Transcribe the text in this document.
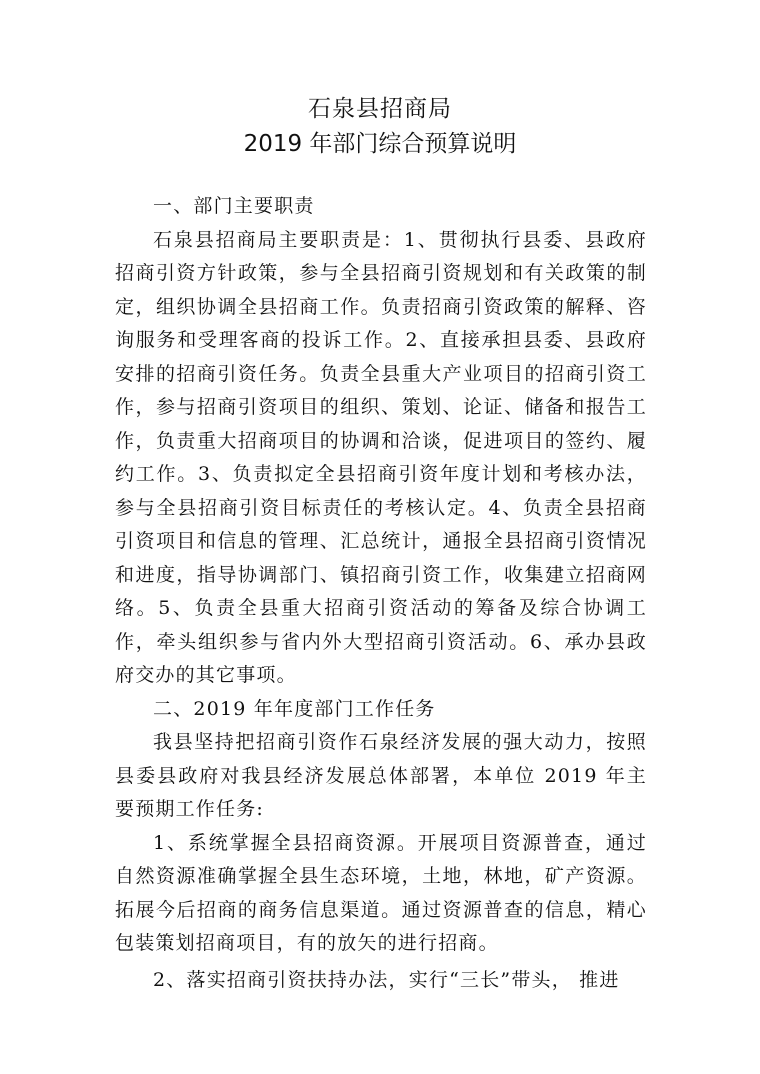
石泉县招商局
2019 年部门综合预算说明

一、部门主要职责

石泉县招商局主要职责是：1、贯彻执行县委、县政府招商引资方针政策，参与全县招商引资规划和有关政策的制定，组织协调全县招商工作。负责招商引资政策的解释、咨询服务和受理客商的投诉工作。2、直接承担县委、县政府安排的招商引资任务。负责全县重大产业项目的招商引资工作，参与招商引资项目的组织、策划、论证、储备和报告工作，负责重大招商项目的协调和洽谈，促进项目的签约、履约工作。3、负责拟定全县招商引资年度计划和考核办法，参与全县招商引资目标责任的考核认定。4、负责全县招商引资项目和信息的管理、汇总统计，通报全县招商引资情况和进度，指导协调部门、镇招商引资工作，收集建立招商网络。5、负责全县重大招商引资活动的筹备及综合协调工作，牵头组织参与省内外大型招商引资活动。6、承办县政府交办的其它事项。

二、2019 年年度部门工作任务

我县坚持把招商引资作石泉经济发展的强大动力，按照县委县政府对我县经济发展总体部署，本单位 2019 年主要预期工作任务:

1、系统掌握全县招商资源。开展项目资源普查，通过自然资源准确掌握全县生态环境，土地，林地，矿产资源。拓展今后招商的商务信息渠道。通过资源普查的信息，精心包装策划招商项目，有的放矢的进行招商。

2、落实招商引资扶持办法，实行“三长”带头， 推进
